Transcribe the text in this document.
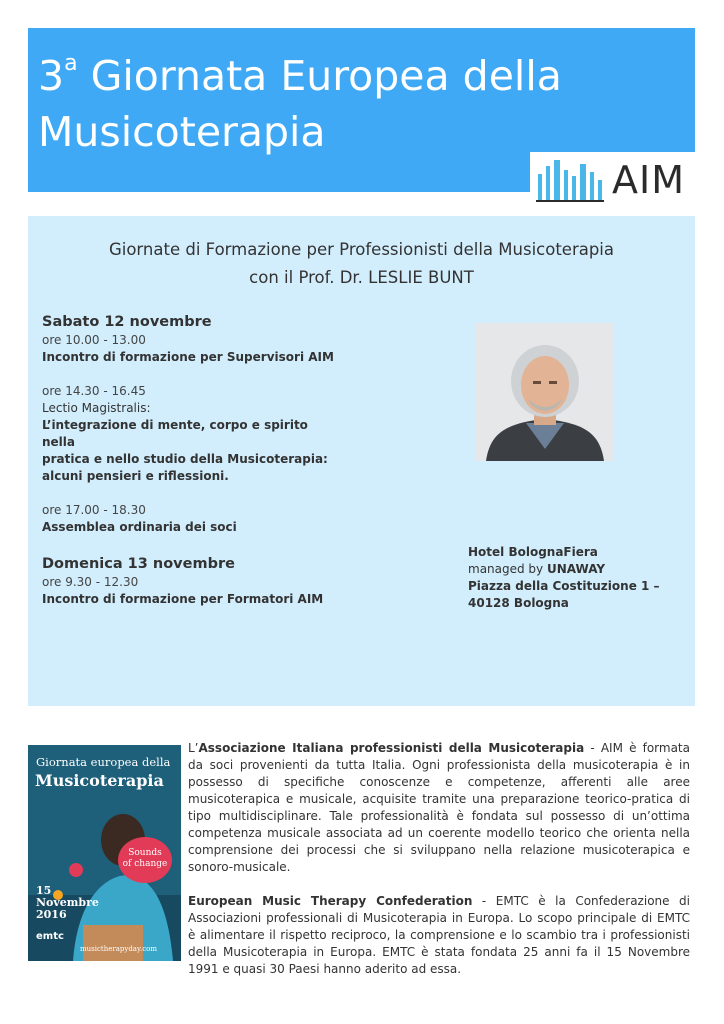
3$^a$ Giornata Europea della Musicoterapia
AIM
Giornate di Formazione per Professionisti della Musicoterapia
con il Prof. Dr. LESLIE BUNT
Sabato 12 novembre
ore 10.00 - 13.00
Incontro di formazione per Supervisori AIM
ore 14.30 - 16.45
Lectio Magistralis:
L’integrazione di mente, corpo e spirito nella
pratica e nello studio della Musicoterapia:
alcuni pensieri e riflessioni.
ore 17.00 - 18.30
Assemblea ordinaria dei soci
Domenica 13 novembre
ore 9.30 - 12.30
Incontro di formazione per Formatori AIM
Hotel BolognaFiera
managed by UNAWAY
Piazza della Costituzione 1 –
40128 Bologna
Giornata europea della
Musicoterapia
Sounds
of change
15
Novembre
2016
emtc
musictherapyday.com

L’Associazione Italiana professionisti della Musicoterapia - AIM è formata da soci provenienti da tutta Italia. Ogni professionista della musicoterapia è in possesso di specifiche conoscenze e competenze, afferenti alle aree musicoterapica e musicale, acquisite tramite una preparazione teorico-pratica di tipo multidisciplinare. Tale professionalità è fondata sul possesso di un’ottima competenza musicale associata ad un coerente modello teorico che orienta nella comprensione dei processi che si sviluppano nella relazione musicoterapica e sonoro-musicale.

European Music Therapy Confederation - EMTC è la Confederazione di Associazioni professionali di Musicoterapia in Europa. Lo scopo principale di EMTC è alimentare il rispetto reciproco, la comprensione e lo scambio tra i professionisti della Musicoterapia in Europa. EMTC è stata fondata 25 anni fa il 15 Novembre 1991 e quasi 30 Paesi hanno aderito ad essa.
